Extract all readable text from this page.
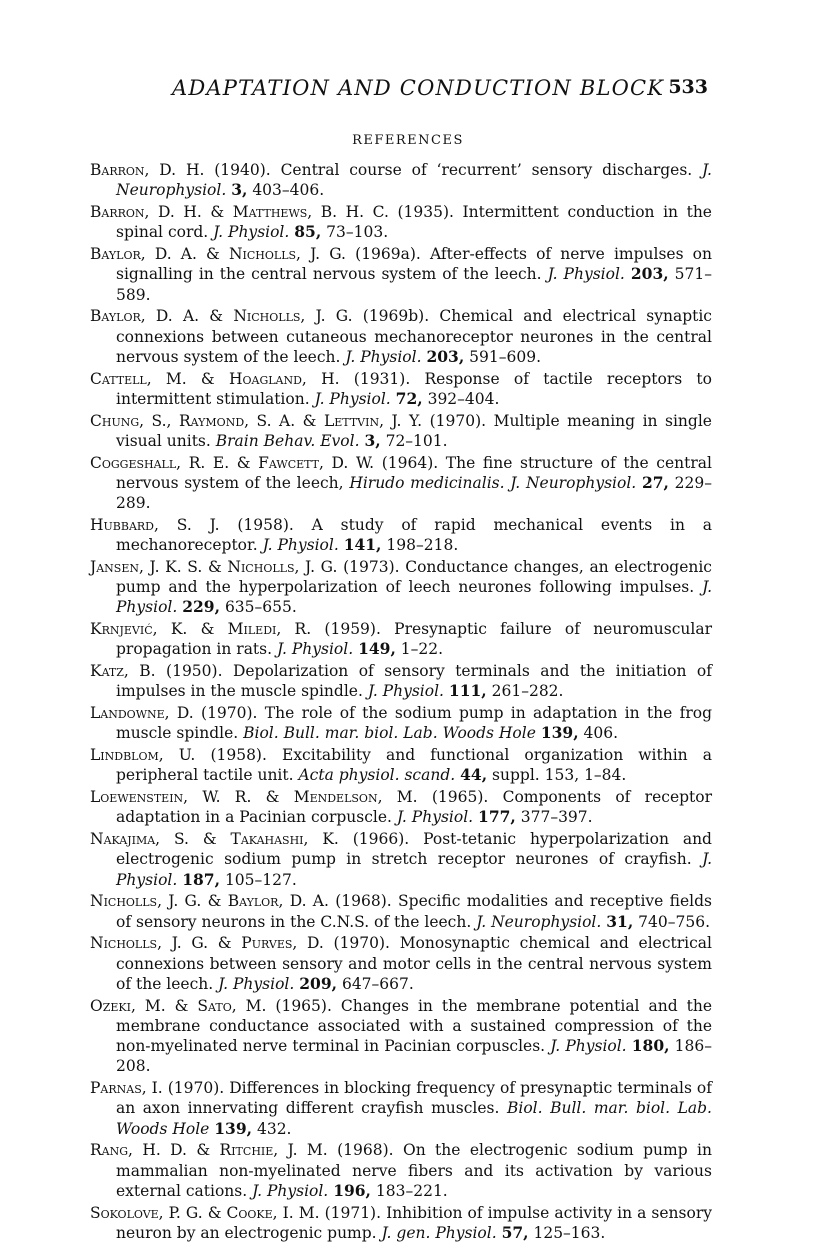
ADAPTATION AND CONDUCTION BLOCK 533
REFERENCES

Barron, D. H. (1940). Central course of ‘recurrent’ sensory discharges. J. Neurophysiol. 3, 403–406.

Barron, D. H. & Matthews, B. H. C. (1935). Intermittent conduction in the spinal cord. J. Physiol. 85, 73–103.

Baylor, D. A. & Nicholls, J. G. (1969a). After-effects of nerve impulses on signalling in the central nervous system of the leech. J. Physiol. 203, 571–589.

Baylor, D. A. & Nicholls, J. G. (1969b). Chemical and electrical synaptic connexions between cutaneous mechanoreceptor neurones in the central nervous system of the leech. J. Physiol. 203, 591–609.

Cattell, M. & Hoagland, H. (1931). Response of tactile receptors to intermittent stimulation. J. Physiol. 72, 392–404.

Chung, S., Raymond, S. A. & Lettvin, J. Y. (1970). Multiple meaning in single visual units. Brain Behav. Evol. 3, 72–101.

Coggeshall, R. E. & Fawcett, D. W. (1964). The fine structure of the central nervous system of the leech, Hirudo medicinalis. J. Neurophysiol. 27, 229–289.

Hubbard, S. J. (1958). A study of rapid mechanical events in a mechanoreceptor. J. Physiol. 141, 198–218.

Jansen, J. K. S. & Nicholls, J. G. (1973). Conductance changes, an electrogenic pump and the hyperpolarization of leech neurones following impulses. J. Physiol. 229, 635–655.

Krnjević, K. & Miledi, R. (1959). Presynaptic failure of neuromuscular propagation in rats. J. Physiol. 149, 1–22.

Katz, B. (1950). Depolarization of sensory terminals and the initiation of impulses in the muscle spindle. J. Physiol. 111, 261–282.

Landowne, D. (1970). The role of the sodium pump in adaptation in the frog muscle spindle. Biol. Bull. mar. biol. Lab. Woods Hole 139, 406.

Lindblom, U. (1958). Excitability and functional organization within a peripheral tactile unit. Acta physiol. scand. 44, suppl. 153, 1–84.

Loewenstein, W. R. & Mendelson, M. (1965). Components of receptor adaptation in a Pacinian corpuscle. J. Physiol. 177, 377–397.

Nakajima, S. & Takahashi, K. (1966). Post-tetanic hyperpolarization and electrogenic sodium pump in stretch receptor neurones of crayfish. J. Physiol. 187, 105–127.

Nicholls, J. G. & Baylor, D. A. (1968). Specific modalities and receptive fields of sensory neurons in the C.N.S. of the leech. J. Neurophysiol. 31, 740–756.

Nicholls, J. G. & Purves, D. (1970). Monosynaptic chemical and electrical connexions between sensory and motor cells in the central nervous system of the leech. J. Physiol. 209, 647–667.

Ozeki, M. & Sato, M. (1965). Changes in the membrane potential and the membrane conductance associated with a sustained compression of the non-myelinated nerve terminal in Pacinian corpuscles. J. Physiol. 180, 186–208.

Parnas, I. (1970). Differences in blocking frequency of presynaptic terminals of an axon innervating different crayfish muscles. Biol. Bull. mar. biol. Lab. Woods Hole 139, 432.

Rang, H. D. & Ritchie, J. M. (1968). On the electrogenic sodium pump in mammalian non-myelinated nerve fibers and its activation by various external cations. J. Physiol. 196, 183–221.

Sokolove, P. G. & Cooke, I. M. (1971). Inhibition of impulse activity in a sensory neuron by an electrogenic pump. J. gen. Physiol. 57, 125–163.
